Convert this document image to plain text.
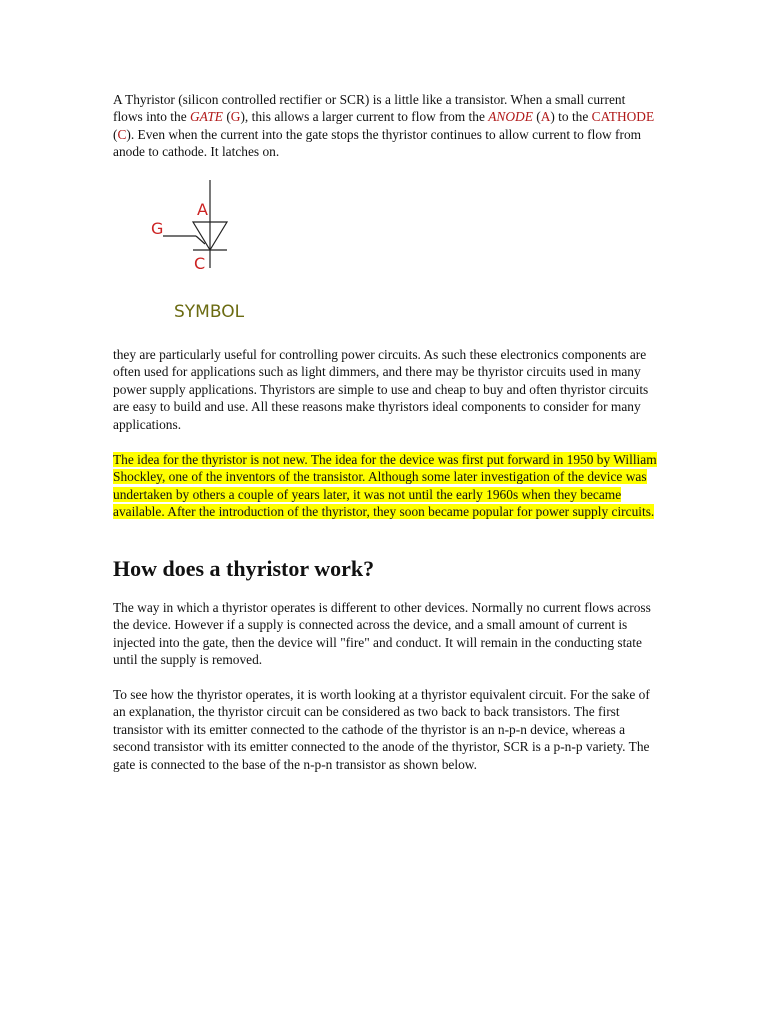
A Thyristor (silicon controlled rectifier or SCR) is a little like a transistor. When a small current flows into the GATE (G), this allows a larger current to flow from the ANODE (A) to the CATHODE (C). Even when the current into the gate stops the thyristor continues to allow current to flow from anode to cathode. It latches on.

A
G
C
SYMBOL

they are particularly useful for controlling power circuits. As such these electronics components are often used for applications such as light dimmers, and there may be thyristor circuits used in many power supply applications. Thyristors are simple to use and cheap to buy and often thyristor circuits are easy to build and use. All these reasons make thyristors ideal components to consider for many applications.

The idea for the thyristor is not new. The idea for the device was first put forward in 1950 by William Shockley, one of the inventors of the transistor. Although some later investigation of the device was undertaken by others a couple of years later, it was not until the early 1960s when they became available. After the introduction of the thyristor, they soon became popular for power supply circuits.

How does a thyristor work?

The way in which a thyristor operates is different to other devices. Normally no current flows across the device. However if a supply is connected across the device, and a small amount of current is injected into the gate, then the device will "fire" and conduct. It will remain in the conducting state until the supply is removed.

To see how the thyristor operates, it is worth looking at a thyristor equivalent circuit. For the sake of an explanation, the thyristor circuit can be considered as two back to back transistors. The first transistor with its emitter connected to the cathode of the thyristor is an n-p-n device, whereas a second transistor with its emitter connected to the anode of the thyristor, SCR is a p-n-p variety. The gate is connected to the base of the n-p-n transistor as shown below.
